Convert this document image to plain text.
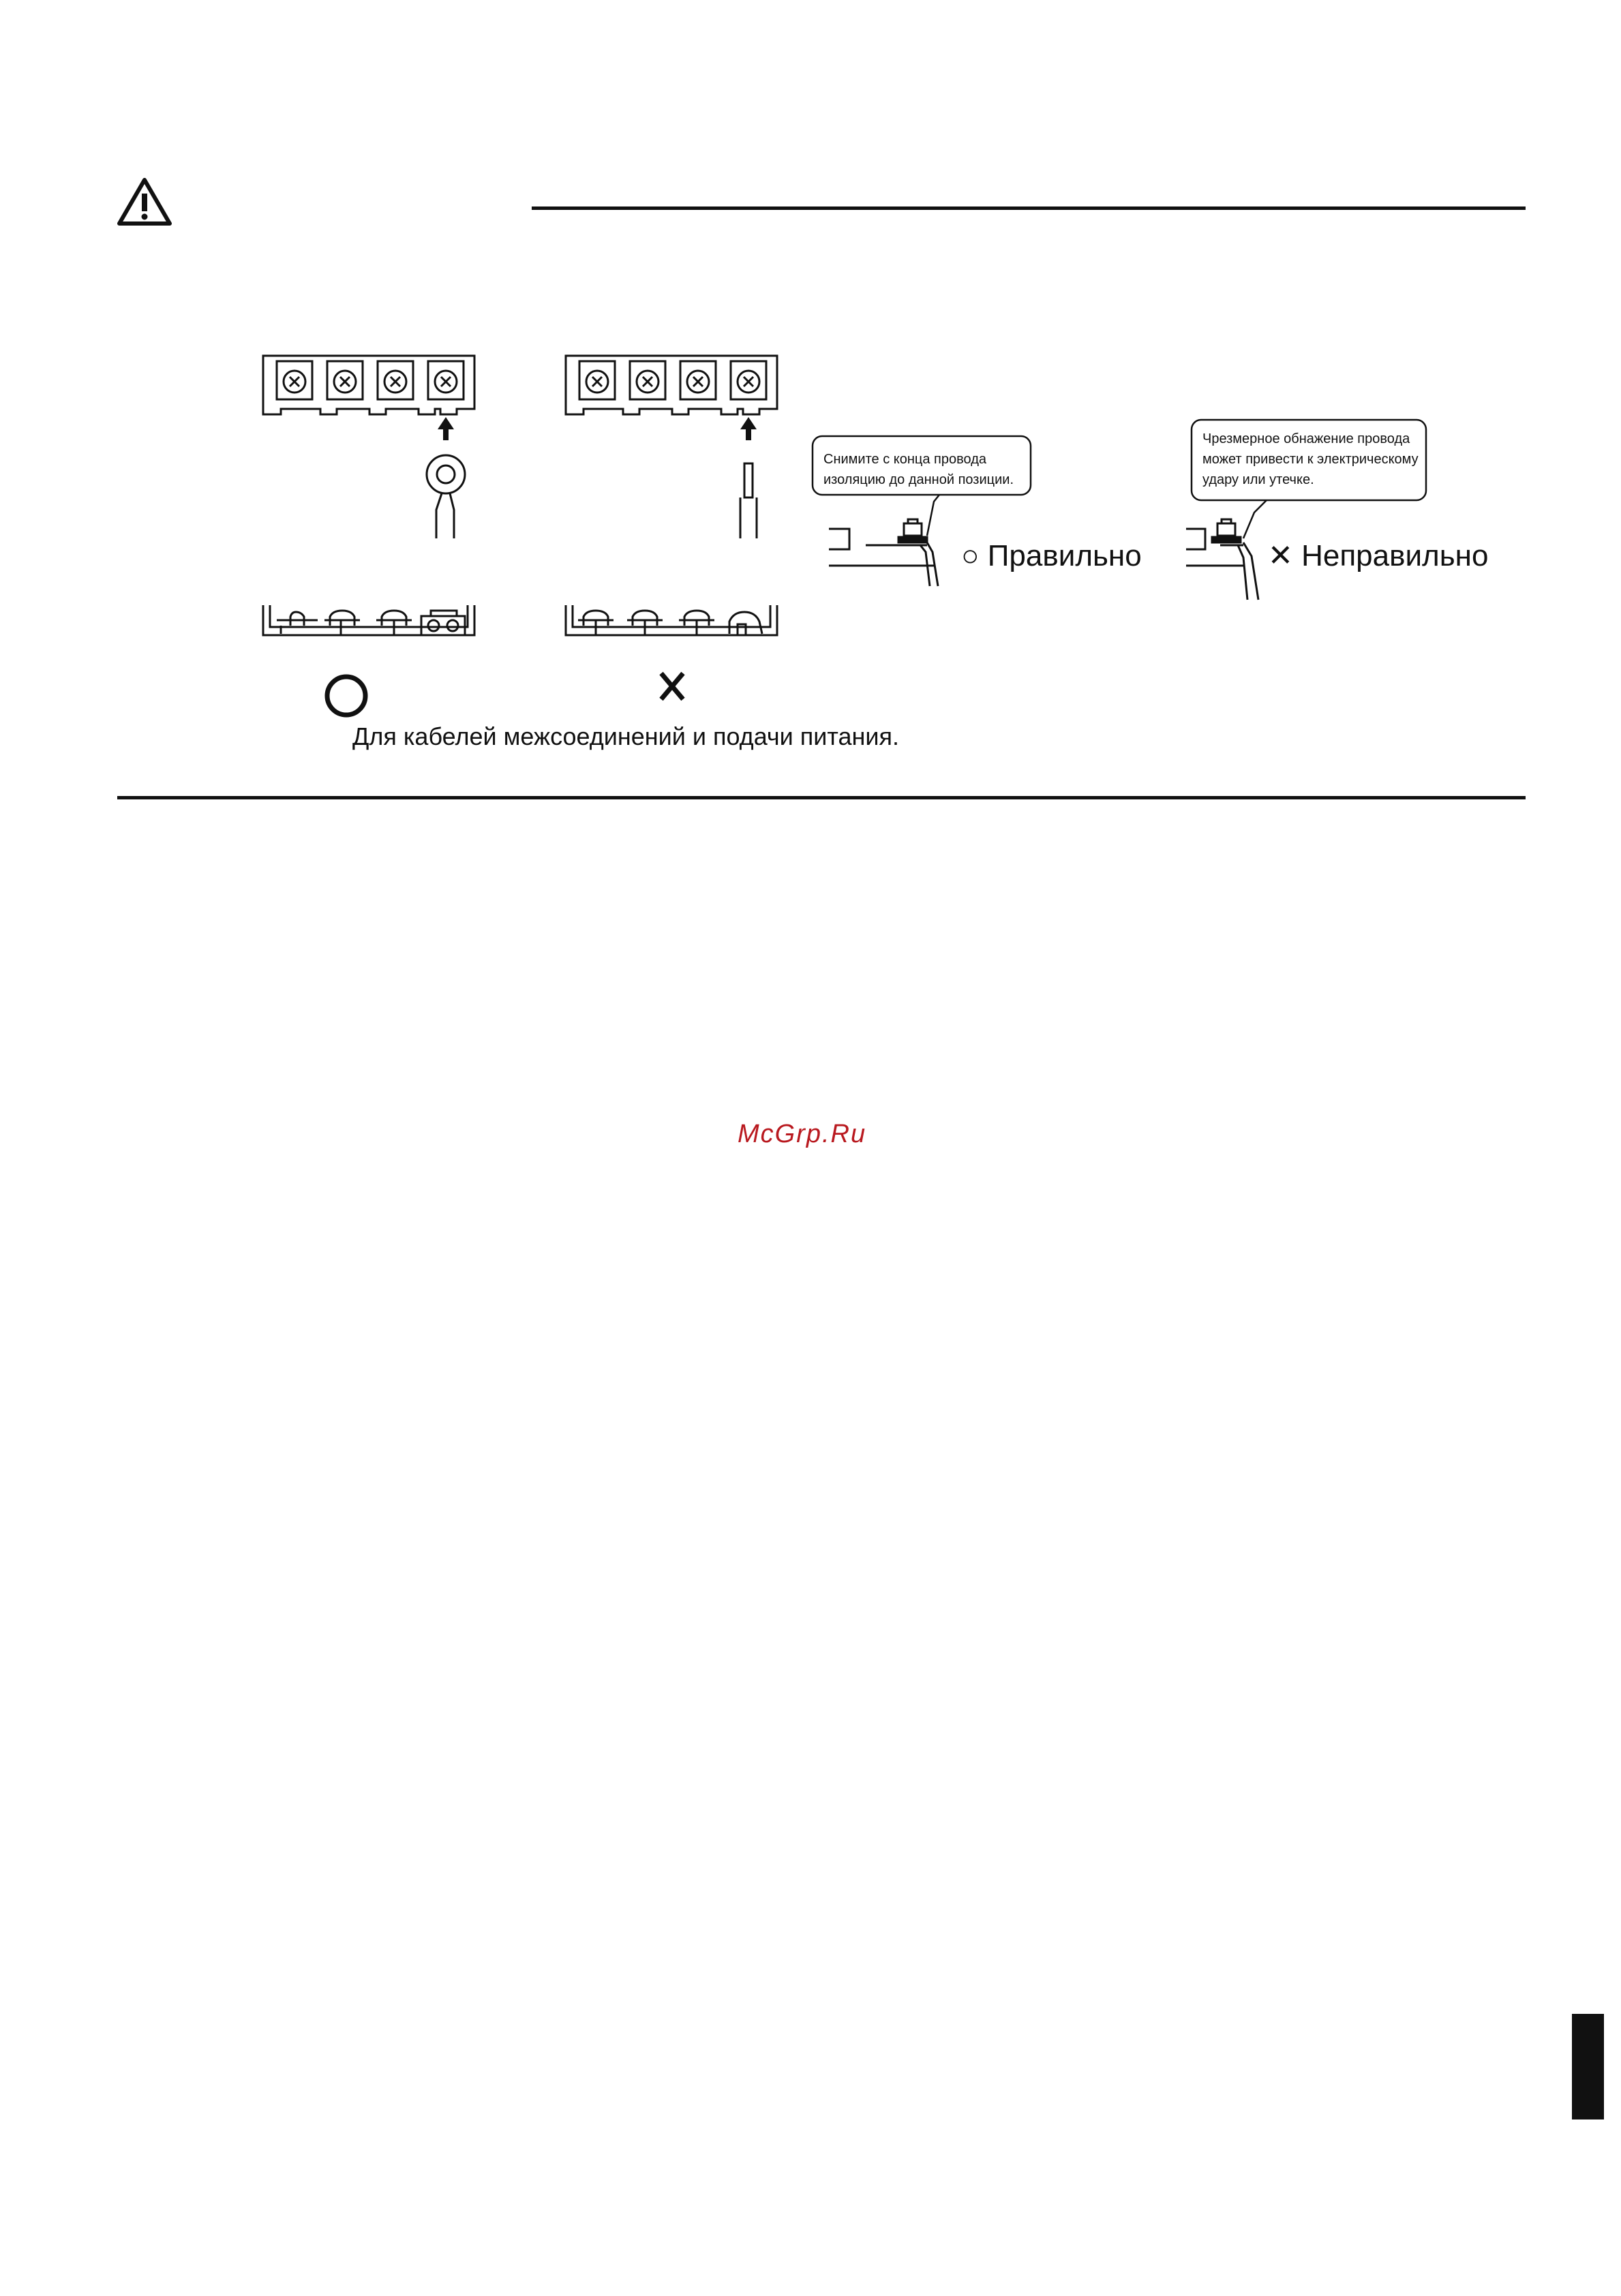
Снимите с конца провода
изоляцию до данной позиции.
○ Правильно
Чрезмерное обнажение провода
может привести к электрическому
удару или утечке.
✕ Неправильно
Для кабелей межсоединений и подачи питания.
McGrp.Ru
